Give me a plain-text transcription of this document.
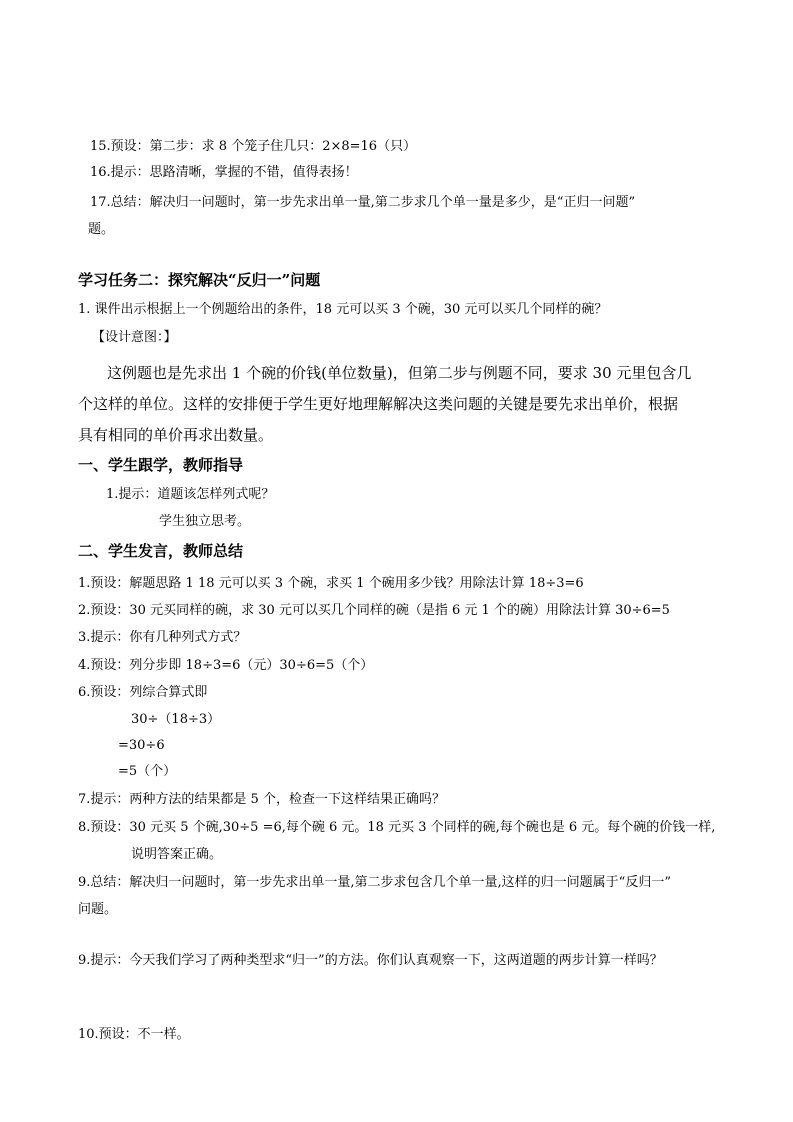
15.预设：第二步：求 8 个笼子住几只：2×8=16（只）
16.提示：思路清晰，掌握的不错，值得表扬！
17.总结：解决归一问题时，第一步先求出单一量,第二步求几个单一量是多少，是“正归一问题”
题。
学习任务二：探究解决“反归一”问题
1. 课件出示根据上一个例题给出的条件，18 元可以买 3 个碗，30 元可以买几个同样的碗？
【设计意图：】
这例题也是先求出 1 个碗的价钱(单位数量)，但第二步与例题不同，要求 30 元里包含几
个这样的单位。这样的安排便于学生更好地理解解决这类问题的关键是要先求出单价，根据
具有相同的单价再求出数量。
一、学生跟学，教师指导
1.提示：道题该怎样列式呢？
学生独立思考。
二、学生发言，教师总结
1.预设：解题思路 1 18 元可以买 3 个碗，求买 1 个碗用多少钱？用除法计算 18÷3=6
2.预设：30 元买同样的碗，求 30 元可以买几个同样的碗（是指 6 元 1 个的碗）用除法计算 30÷6=5
3.提示：你有几种列式方式？
4.预设：列分步即 18÷3=6（元）30÷6=5（个）
6.预设：列综合算式即
30÷（18÷3）
=30÷6
=5（个）
7.提示：两种方法的结果都是 5 个，检查一下这样结果正确吗？
8.预设：30 元买 5 个碗,30÷5 =6,每个碗 6 元。18 元买 3 个同样的碗,每个碗也是 6 元。每个碗的价钱一样,
说明答案正确。
9.总结：解决归一问题时，第一步先求出单一量,第二步求包含几个单一量,这样的归一问题属于“反归一”
问题。
9.提示：今天我们学习了两种类型求“归一”的方法。你们认真观察一下，这两道题的两步计算一样吗？
10.预设：不一样。
